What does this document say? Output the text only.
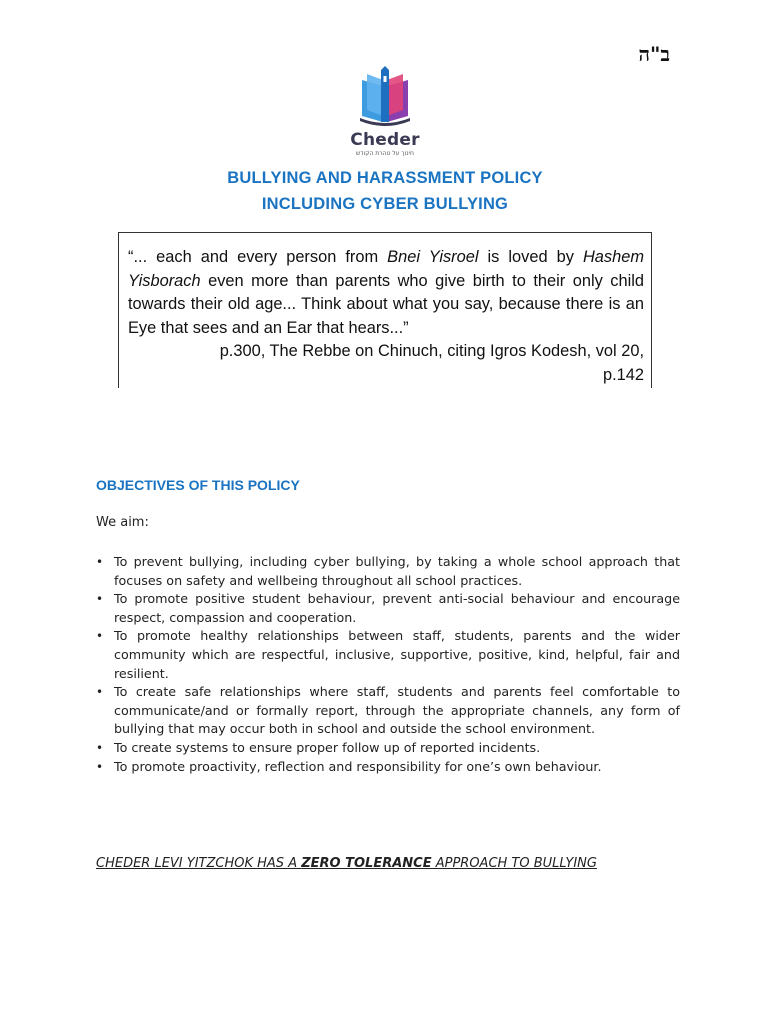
ב"ה
Cheder
חינוך על טהרת הקודש
BULLYING AND HARASSMENT POLICY
INCLUDING CYBER BULLYING
“... each and every person from Bnei Yisroel is loved by Hashem Yisborach even more than parents who give birth to their only child towards their old age... Think about what you say, because there is an Eye that sees and an Ear that hears...”
p.300, The Rebbe on Chinuch, citing Igros Kodesh, vol 20,
p.142
OBJECTIVES OF THIS POLICY
We aim:
• To prevent bullying, including cyber bullying, by taking a whole school approach that focuses on safety and wellbeing throughout all school practices.
• To promote positive student behaviour, prevent anti-social behaviour and encourage respect, compassion and cooperation.
• To promote healthy relationships between staff, students, parents and the wider community which are respectful, inclusive, supportive, positive, kind, helpful, fair and resilient.
• To create safe relationships where staff, students and parents feel comfortable to communicate/and or formally report, through the appropriate channels, any form of bullying that may occur both in school and outside the school environment.
• To create systems to ensure proper follow up of reported incidents.
• To promote proactivity, reflection and responsibility for one’s own behaviour.
CHEDER LEVI YITZCHOK HAS A ZERO TOLERANCE APPROACH TO BULLYING
